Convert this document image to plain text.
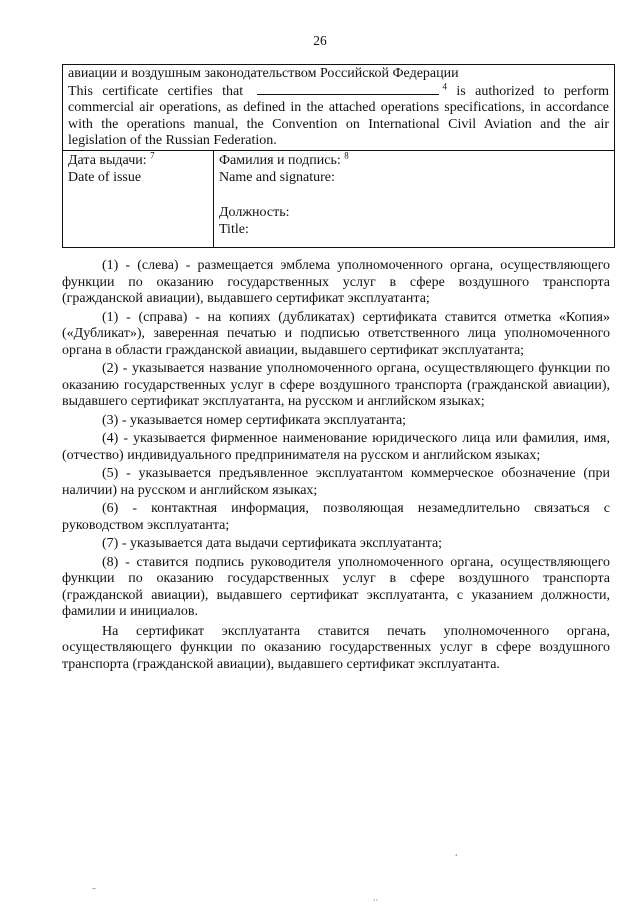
26
авиации и воздушным законодательством Российской Федерации
This certificate certifies that	$^4$ is authorized to perform
commercial air operations, as defined in the attached operations specifications, in accordance with the operations manual, the Convention on International Civil Aviation and the air legislation of the Russian Federation.

Дата выдачи: $^7$
Date of issue

Фамилия и подпись: $^8$
Name and signature:
Должность:
Title:

(1) - (слева) - размещается эмблема уполномоченного органа, осуществляющего функции по оказанию государственных услуг в сфере воздушного транспорта (гражданской авиации), выдавшего сертификат эксплуатанта;

(1) - (справа) - на копиях (дубликатах) сертификата ставится отметка «Копия» («Дубликат»), заверенная печатью и подписью ответственного лица уполномоченного органа в области гражданской авиации, выдавшего сертификат эксплуатанта;

(2) - указывается название уполномоченного органа, осуществляющего функции по оказанию государственных услуг в сфере воздушного транспорта (гражданской авиации), выдавшего сертификат эксплуатанта, на русском и английском языках;

(3) - указывается номер сертификата эксплуатанта;

(4) - указывается фирменное наименование юридического лица или фамилия, имя, (отчество) индивидуального предпринимателя на русском и английском языках;

(5) - указывается предъявленное эксплуатантом коммерческое обозначение (при наличии) на русском и английском языках;

(6) - контактная информация, позволяющая незамедлительно связаться с руководством эксплуатанта;

(7) - указывается дата выдачи сертификата эксплуатанта;

(8) - ставится подпись руководителя уполномоченного органа, осуществляющего функции по оказанию государственных услуг в сфере воздушного транспорта (гражданской авиации), выдавшего сертификат эксплуатанта, с указанием должности, фамилии и инициалов.

На сертификат эксплуатанта ставится печать уполномоченного органа, осуществляющего функции по оказанию государственных услуг в сфере воздушного транспорта (гражданской авиации), выдавшего сертификат эксплуатанта.

‘
··
–
